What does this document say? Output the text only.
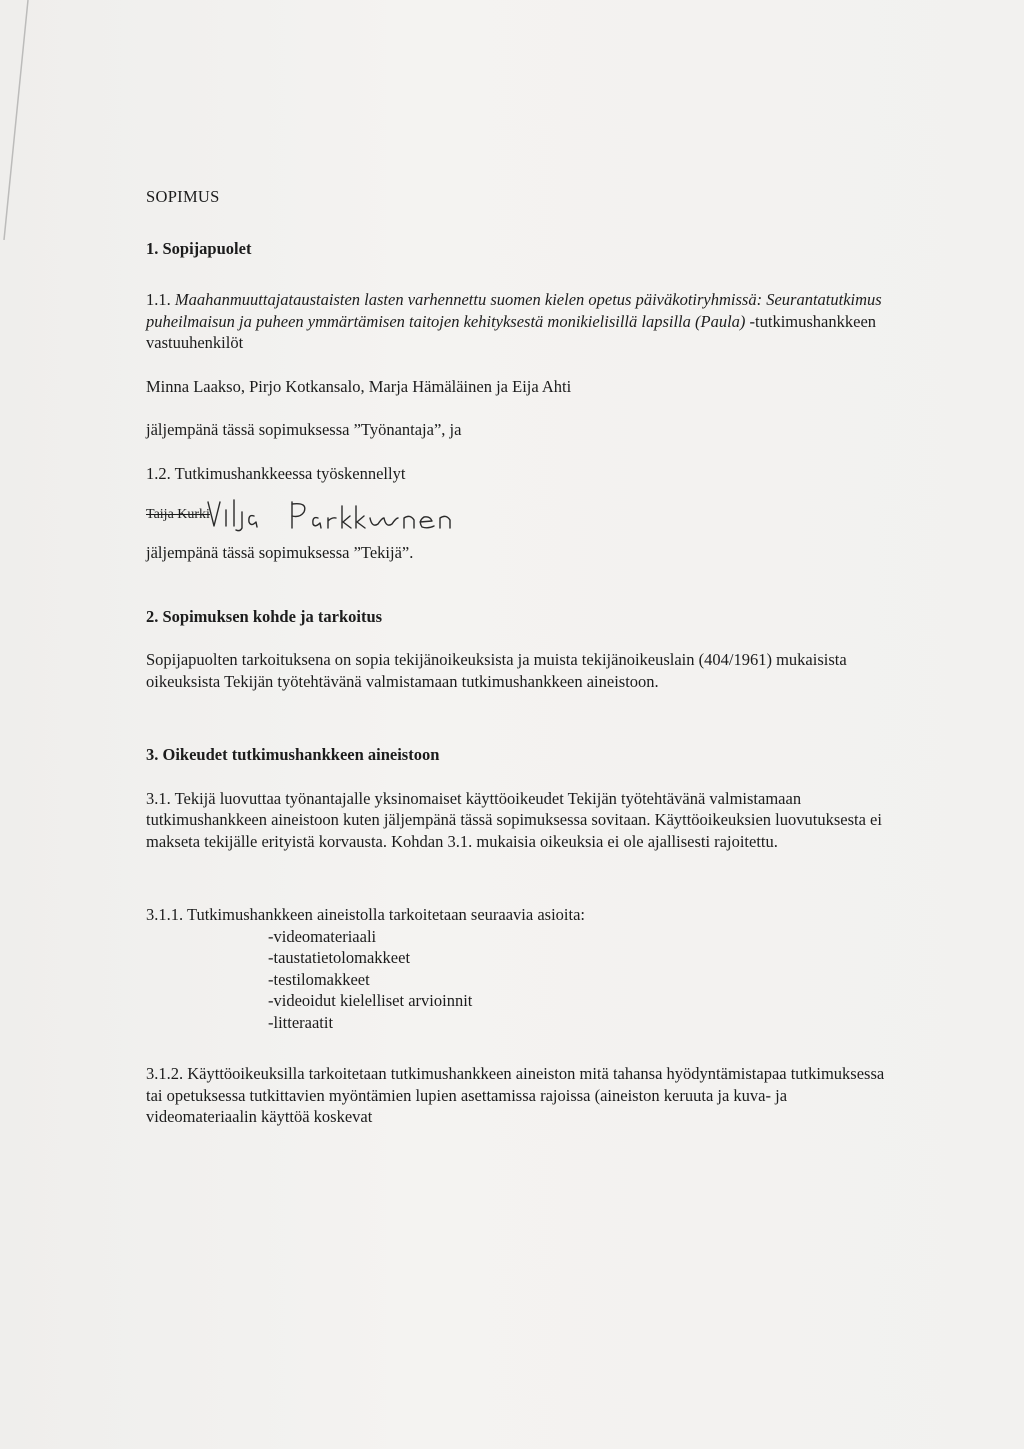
SOPIMUS

1. Sopijapuolet

1.1. Maahanmuuttajataustaisten lasten varhennettu suomen kielen opetus päiväkotiryhmissä: Seurantatutkimus puheilmaisun ja puheen ymmärtämisen taitojen kehityksestä monikielisillä lapsilla (Paula) -tutkimushankkeen vastuuhenkilöt

Minna Laakso, Pirjo Kotkansalo, Marja Hämäläinen ja Eija Ahti

jäljempänä tässä sopimuksessa ”Työnantaja”, ja

1.2. Tutkimushankkeessa työskennellyt

Taija Kurki

jäljempänä tässä sopimuksessa ”Tekijä”.

2. Sopimuksen kohde ja tarkoitus

Sopijapuolten tarkoituksena on sopia tekijänoikeuksista ja muista tekijänoikeuslain (404/1961) mukaisista oikeuksista Tekijän työtehtävänä valmistamaan tutkimushankkeen aineistoon.

3. Oikeudet tutkimushankkeen aineistoon

3.1. Tekijä luovuttaa työnantajalle yksinomaiset käyttöoikeudet Tekijän työtehtävänä valmistamaan tutkimushankkeen aineistoon kuten jäljempänä tässä sopimuksessa sovitaan. Käyttöoikeuksien luovutuksesta ei makseta tekijälle erityistä korvausta. Kohdan 3.1. mukaisia oikeuksia ei ole ajallisesti rajoitettu.

3.1.1. Tutkimushankkeen aineistolla tarkoitetaan seuraavia asioita:

-videomateriaali

-taustatietolomakkeet

-testilomakkeet

-videoidut kielelliset arvioinnit

-litteraatit

3.1.2. Käyttöoikeuksilla tarkoitetaan tutkimushankkeen aineiston mitä tahansa hyödyntämistapaa tutkimuksessa tai opetuksessa tutkittavien myöntämien lupien asettamissa rajoissa (aineiston keruuta ja kuva- ja videomateriaalin käyttöä koskevat
